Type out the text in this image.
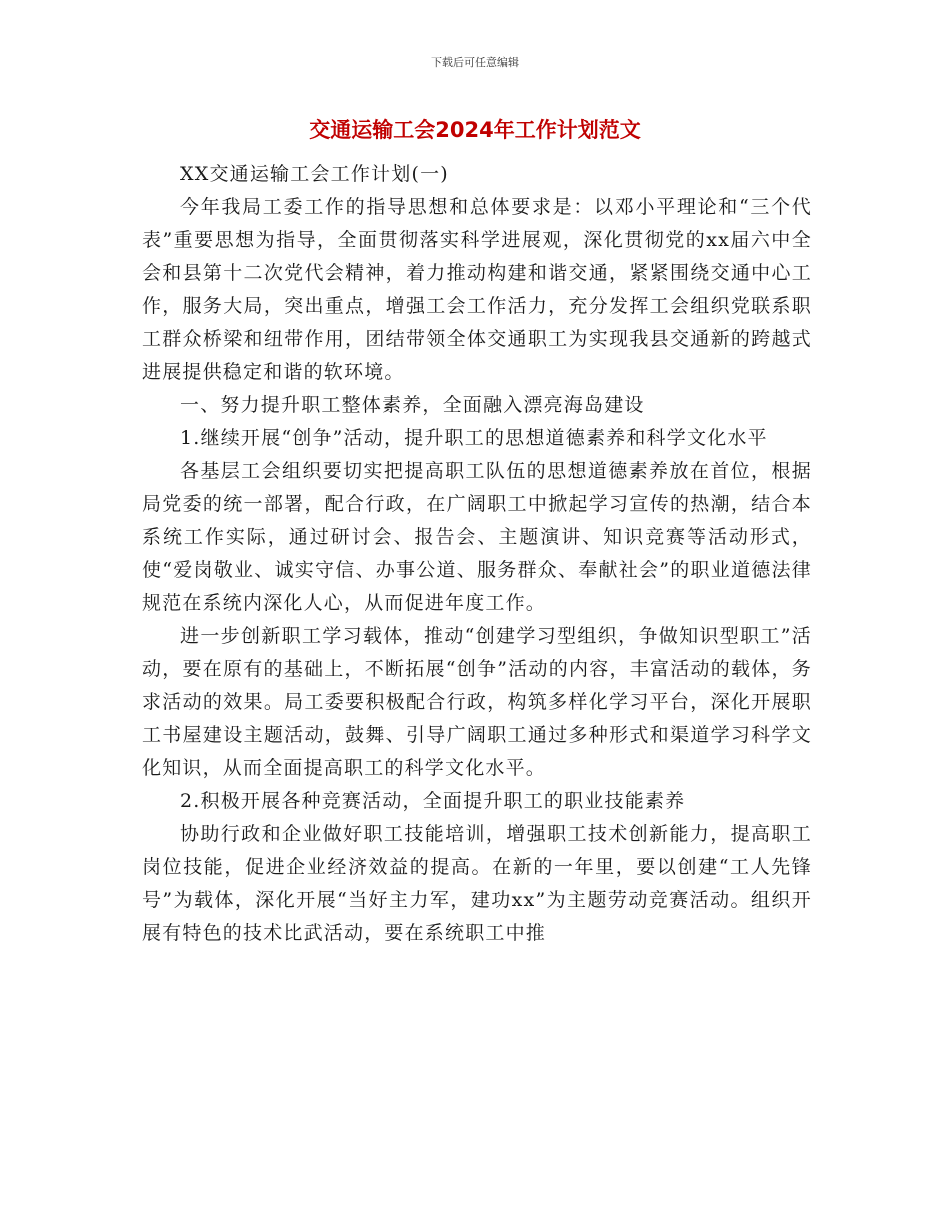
下载后可任意编辑
交通运输工会2024年工作计划范文

XX交通运输工会工作计划(一)

今年我局工委工作的指导思想和总体要求是：以邓小平理论和“三个代表”重要思想为指导，全面贯彻落实科学进展观，深化贯彻党的xx届六中全会和县第十二次党代会精神，着力推动构建和谐交通，紧紧围绕交通中心工作，服务大局，突出重点，增强工会工作活力，充分发挥工会组织党联系职工群众桥梁和纽带作用，团结带领全体交通职工为实现我县交通新的跨越式进展提供稳定和谐的软环境。

一、努力提升职工整体素养，全面融入漂亮海岛建设

1.继续开展“创争”活动，提升职工的思想道德素养和科学文化水平

各基层工会组织要切实把提高职工队伍的思想道德素养放在首位，根据局党委的统一部署，配合行政，在广阔职工中掀起学习宣传的热潮，结合本系统工作实际，通过研讨会、报告会、主题演讲、知识竞赛等活动形式，使“爱岗敬业、诚实守信、办事公道、服务群众、奉献社会”的职业道德法律规范在系统内深化人心，从而促进年度工作。

进一步创新职工学习载体，推动“创建学习型组织，争做知识型职工”活动，要在原有的基础上，不断拓展“创争”活动的内容，丰富活动的载体，务求活动的效果。局工委要积极配合行政，构筑多样化学习平台，深化开展职工书屋建设主题活动，鼓舞、引导广阔职工通过多种形式和渠道学习科学文化知识，从而全面提高职工的科学文化水平。

2.积极开展各种竞赛活动，全面提升职工的职业技能素养

协助行政和企业做好职工技能培训，增强职工技术创新能力，提高职工岗位技能，促进企业经济效益的提高。在新的一年里，要以创建“工人先锋号”为载体，深化开展“当好主力军，建功xx”为主题劳动竞赛活动。组织开展有特色的技术比武活动，要在系统职工中推
